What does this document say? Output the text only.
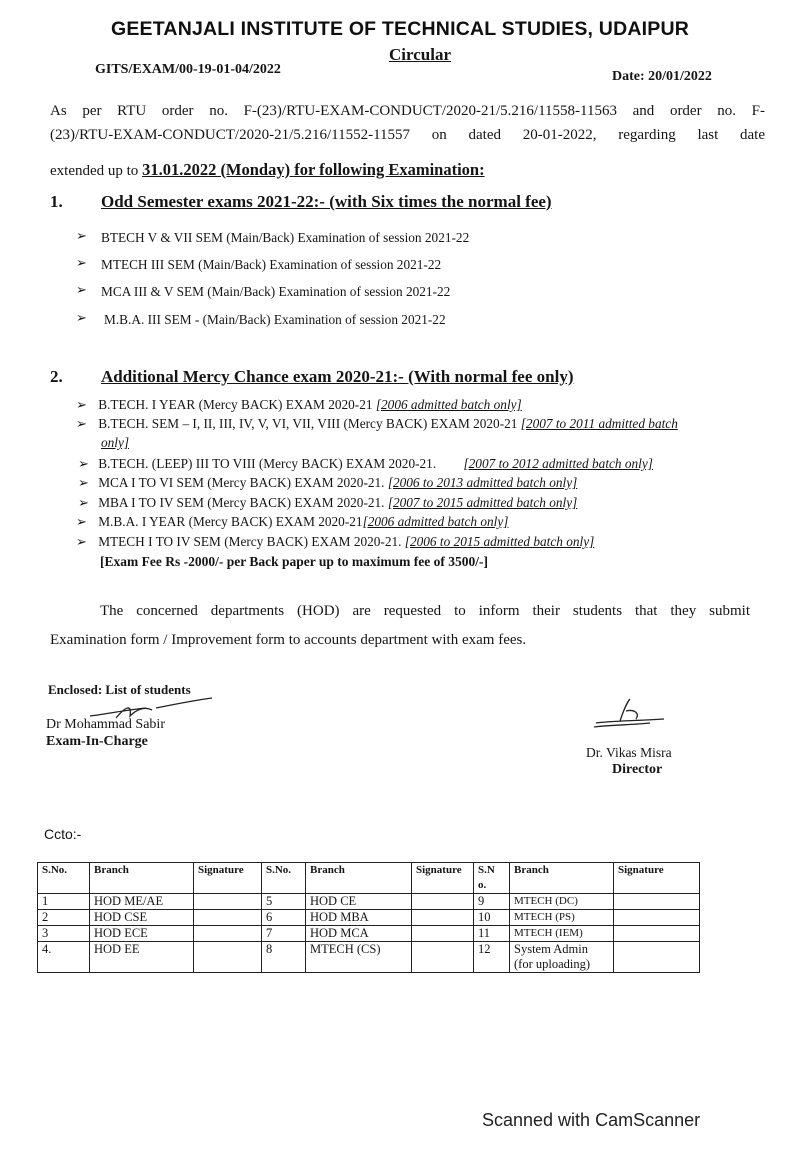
GEETANJALI INSTITUTE OF TECHNICAL STUDIES, UDAIPUR
Circular
GITS/EXAM/00-19-01-04/2022	Date: 20/01/2022
As per RTU order no. F-(23)/RTU-EXAM-CONDUCT/2020-21/5.216/11558-11563 and order no. F-
(23)/RTU-EXAM-CONDUCT/2020-21/5.216/11552-11557 on dated 20-01-2022, regarding last date
extended up to 31.01.2022 (Monday) for following Examination:
1. Odd Semester exams 2021-22:- (with Six times the normal fee)
➢ BTECH V & VII SEM (Main/Back) Examination of session 2021-22
➢ MTECH III SEM (Main/Back) Examination of session 2021-22
➢ MCA III & V SEM (Main/Back) Examination of session 2021-22
➢ M.B.A. III SEM - (Main/Back) Examination of session 2021-22
2. Additional Mercy Chance exam 2020-21:- (With normal fee only)
➢ B.TECH. I YEAR (Mercy BACK) EXAM 2020-21 [2006 admitted batch only]
➢ B.TECH. SEM – I, II, III, IV, V, VI, VII, VIII (Mercy BACK) EXAM 2020-21 [2007 to 2011 admitted batch
only]
➢ B.TECH. (LEEP) III TO VIII (Mercy BACK) EXAM 2020-21. [2007 to 2012 admitted batch only]
➢ MCA I TO VI SEM (Mercy BACK) EXAM 2020-21. [2006 to 2013 admitted batch only]
➢ MBA I TO IV SEM (Mercy BACK) EXAM 2020-21. [2007 to 2015 admitted batch only]
➢ M.B.A. I YEAR (Mercy BACK) EXAM 2020-21[2006 admitted batch only]
➢ MTECH I TO IV SEM (Mercy BACK) EXAM 2020-21. [2006 to 2015 admitted batch only]
[Exam Fee Rs -2000/- per Back paper up to maximum fee of 3500/-]
The concerned departments (HOD) are requested to inform their students that they submit
Examination form / Improvement form to accounts department with exam fees.
Enclosed: List of students
Dr Mohammad Sabir
Exam-In-Charge
Dr. Vikas Misra
Director
Ccto:-
S.No.	Branch	Signature	S.No.	Branch	Signature	S.N o.	Branch	Signature
1	HOD ME/AE		5	HOD CE		9	MTECH (DC)	
2	HOD CSE		6	HOD MBA		10	MTECH (PS)	
3	HOD ECE		7	HOD MCA		11	MTECH (IEM)	
4.	HOD EE		8	MTECH (CS)		12	System Admin (for uploading)	
Scanned with CamScanner
